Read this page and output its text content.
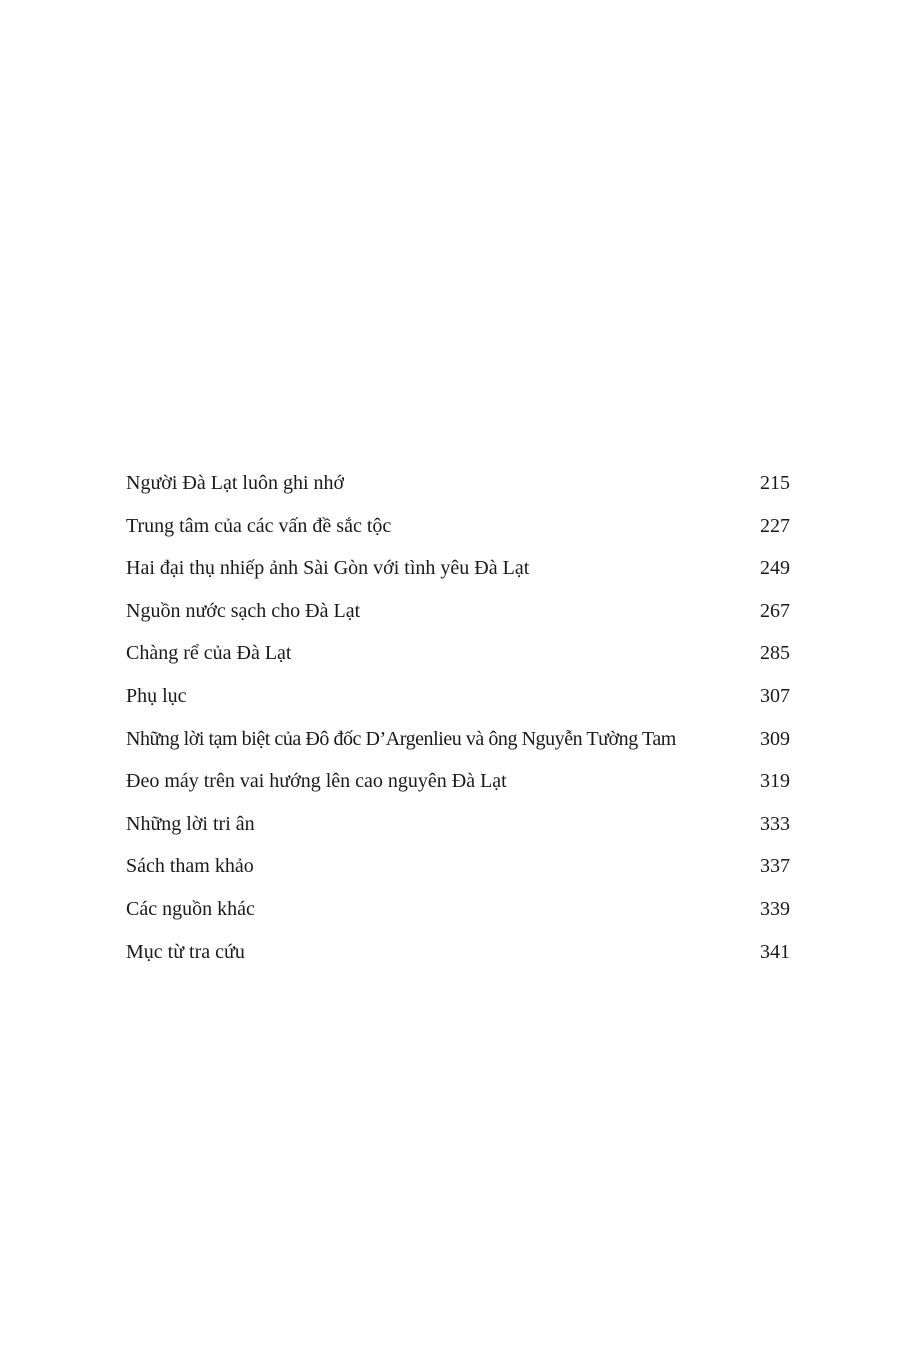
Người Đà Lạt luôn ghi nhớ	215
Trung tâm của các vấn đề sắc tộc	227
Hai đại thụ nhiếp ảnh Sài Gòn với tình yêu Đà Lạt	249
Nguồn nước sạch cho Đà Lạt	267
Chàng rể của Đà Lạt	285
Phụ lục	307
Những lời tạm biệt của Đô đốc D’Argenlieu và ông Nguyễn Tường Tam	309
Đeo máy trên vai hướng lên cao nguyên Đà Lạt	319
Những lời tri ân	333
Sách tham khảo	337
Các nguồn khác	339
Mục từ tra cứu	341
